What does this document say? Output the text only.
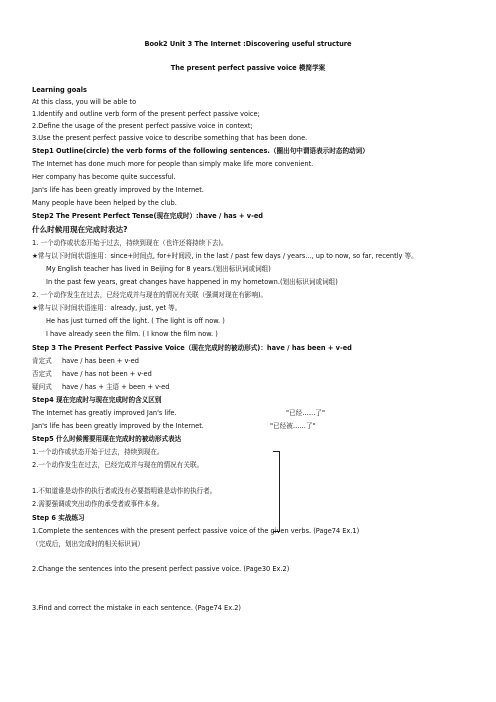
Book2 Unit 3 The Internet :Discovering useful structure
The present perfect passive voice 模简学案
Learning goals
At this class, you will be able to
1.Identify and outline verb form of the present perfect passive voice;
2.Define the usage of the present perfect passive voice in context;
3.Use the present perfect passive voice to describe something that has been done.
Step1 Outline(circle) the verb forms of the following sentences.（圈出句中谓语表示时态的动词）
The Internet has done much more for people than simply make life more convenient.
Her company has become quite successful.
Jan's life has been greatly improved by the Internet.
Many people have been helped by the club.
Step2 The Present Perfect Tense(现在完成时）:have / has + v-ed
什么时候用现在完成时表达?
1. 一个动作或状态开始于过去，持续到现在（也许还将持续下去)。
★常与以下时间状语连用：since+时间点, for+时间段, in the last / past few days / years..., up to now, so far, recently 等。
My English teacher has lived in Beijing for 8 years.(划出标识词或词组)
In the past few years, great changes have happened in my hometown.(划出标识词或词组)
2. 一个动作发生在过去，已经完成并与现在的情况有关联（强调对现在有影响)。
★常与以下时间状语连用：already, just, yet 等。
He has just turned off the light. ( The light is off now. )
I have already seen the film. ( I know the film now. )
Step 3 The Present Perfect Passive Voice（现在完成时的被动形式)：have / has been + v-ed
肯定式 have / has been + v-ed
否定式 have / has not been + v-ed
疑问式 have / has + 主语 + been + v-ed
Step4 现在完成时与现在完成时的含义区别
The Internet has greatly improved Jan's life.	"已经……了"
Jan's life has been greatly improved by the Internet.	"已经被……了"
Step5 什么时候需要用现在完成时的被动形式表达
1.一个动作或状态开始于过去，持续到现在。
2.一个动作发生在过去，已经完成并与现在的情况有关联。
1.不知道谁是动作的执行者或没有必要指明谁是动作的执行者。
2.需要强调或突出动作的承受者或事件本身。
Step 6 实战练习
1.Complete the sentences with the present perfect passive voice of the given verbs. (Page74 Ex.1)
（完成后，划出完成时的相关标识词）
2.Change the sentences into the present perfect passive voice. (Page30 Ex.2)
3.Find and correct the mistake in each sentence. (Page74 Ex.2)
